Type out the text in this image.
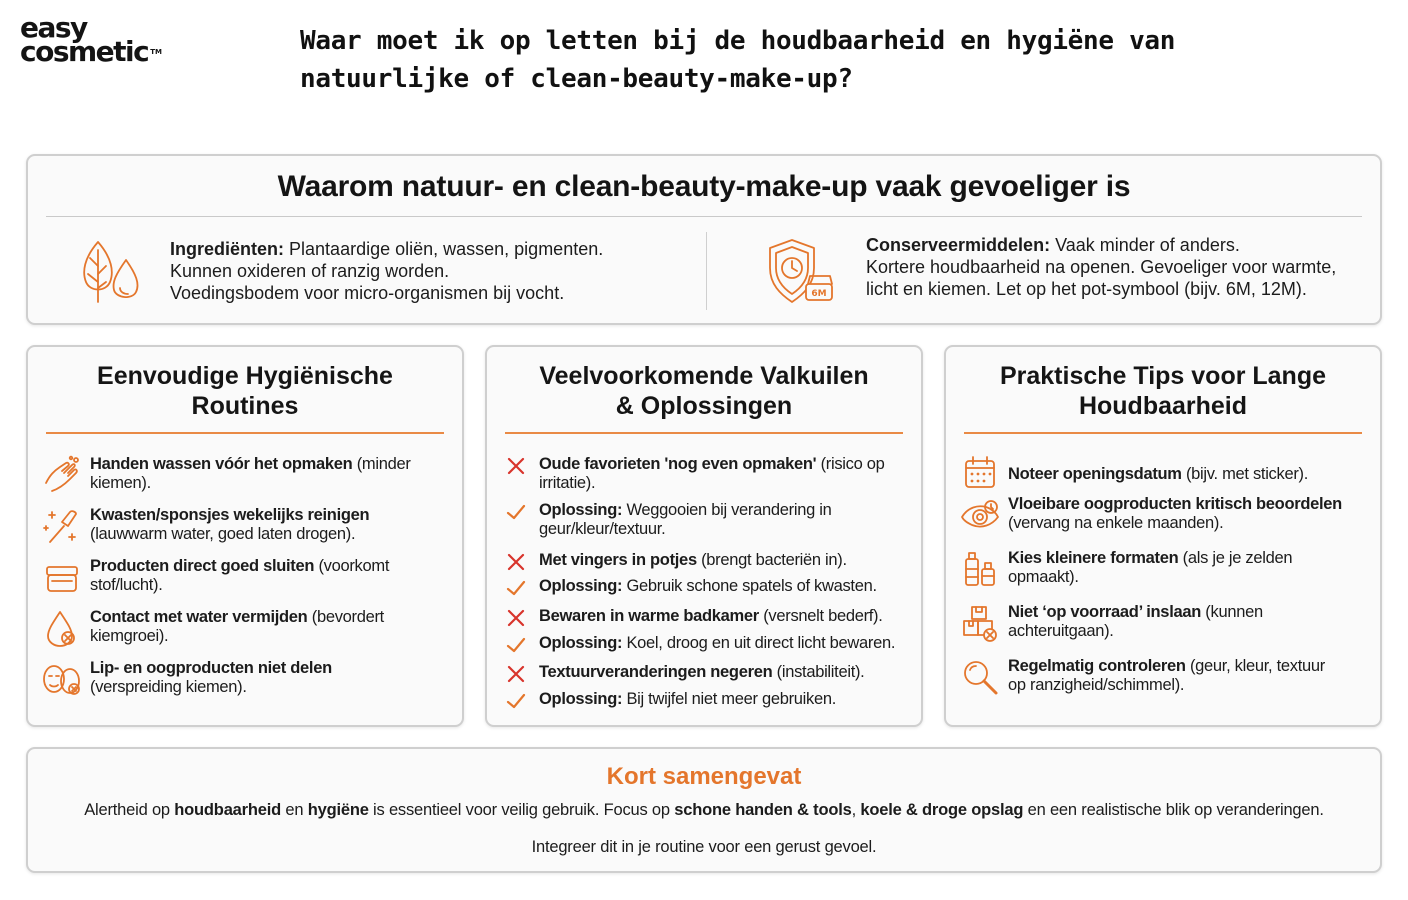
easy
cosmetic ™	Waar moet ik op letten bij de houdbaarheid en hygiëne van natuurlijke of clean-beauty-make-up?
Waarom natuur- en clean-beauty-make-up vaak gevoeliger is
Ingrediënten: Plantaardige oliën, wassen, pigmenten.
Kunnen oxideren of ranzig worden.
Voedingsbodem voor micro-organismen bij vocht.	6M
Conserveermiddelen: Vaak minder of anders.
Kortere houdbaarheid na openen. Gevoeliger voor warmte,
licht en kiemen. Let op het pot-symbool (bijv. 6M, 12M).
Eenvoudige Hygiënische
Routines
Handen wassen vóór het opmaken (minder
kiemen).
Kwasten/sponsjes wekelijks reinigen
(lauwwarm water, goed laten drogen).
Producten direct goed sluiten (voorkomt
stof/lucht).
Contact met water vermijden (bevordert
kiemgroei).
Lip- en oogproducten niet delen
(verspreiding kiemen).
Veelvoorkomende Valkuilen
& Oplossingen
Oude favorieten 'nog even opmaken' (risico op
irritatie).
Oplossing: Weggooien bij verandering in
geur/kleur/textuur.
Met vingers in potjes (brengt bacteriën in).
Oplossing: Gebruik schone spatels of kwasten.
Bewaren in warme badkamer (versnelt bederf).
Oplossing: Koel, droog en uit direct licht bewaren.
Textuurveranderingen negeren (instabiliteit).
Oplossing: Bij twijfel niet meer gebruiken.
Praktische Tips voor Lange
Houdbaarheid
Noteer openingsdatum (bijv. met sticker).
Vloeibare oogproducten kritisch beoordelen
(vervang na enkele maanden).
Kies kleinere formaten (als je je zelden
opmaakt).
Niet ‘op voorraad’ inslaan (kunnen
achteruitgaan).
Regelmatig controleren (geur, kleur, textuur
op ranzigheid/schimmel).
Kort samengevat
Alertheid op houdbaarheid en hygiëne is essentieel voor veilig gebruik. Focus op schone handen & tools, koele & droge opslag en een realistische blik op veranderingen.
Integreer dit in je routine voor een gerust gevoel.
